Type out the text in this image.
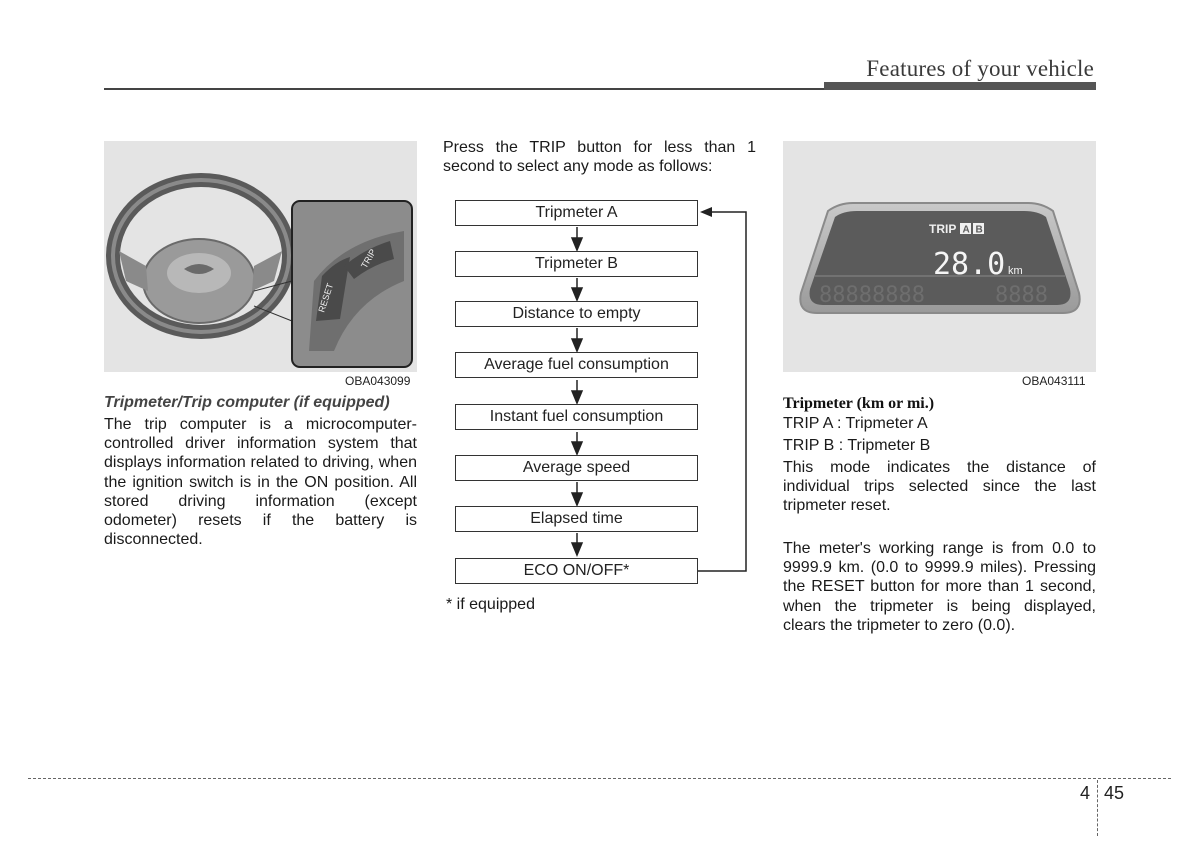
Features of your vehicle
RESET
TRIP
OBA043099
Tripmeter/Trip computer (if equipped)
The trip computer is a microcomputer-controlled driver information system that displays information related to driving, when the ignition switch is in the ON position. All stored driving information (except odometer) resets if the battery is disconnected.
Press the TRIP button for less than 1 second to select any mode as follows:
Tripmeter A
Tripmeter B
Distance to empty
Average fuel consumption
Instant fuel consumption
Average speed
Elapsed time
ECO ON/OFF*
* if equipped
TRIP A B
28.0 km
88888888	8888
OBA043111
Tripmeter (km or mi.)
TRIP A : Tripmeter A
TRIP B : Tripmeter B
This mode indicates the distance of individual trips selected since the last tripmeter reset.
The meter's working range is from 0.0 to 9999.9 km. (0.0 to 9999.9 miles). Pressing the RESET button for more than 1 second, when the tripmeter is being displayed, clears the tripmeter to zero (0.0).
4 45
